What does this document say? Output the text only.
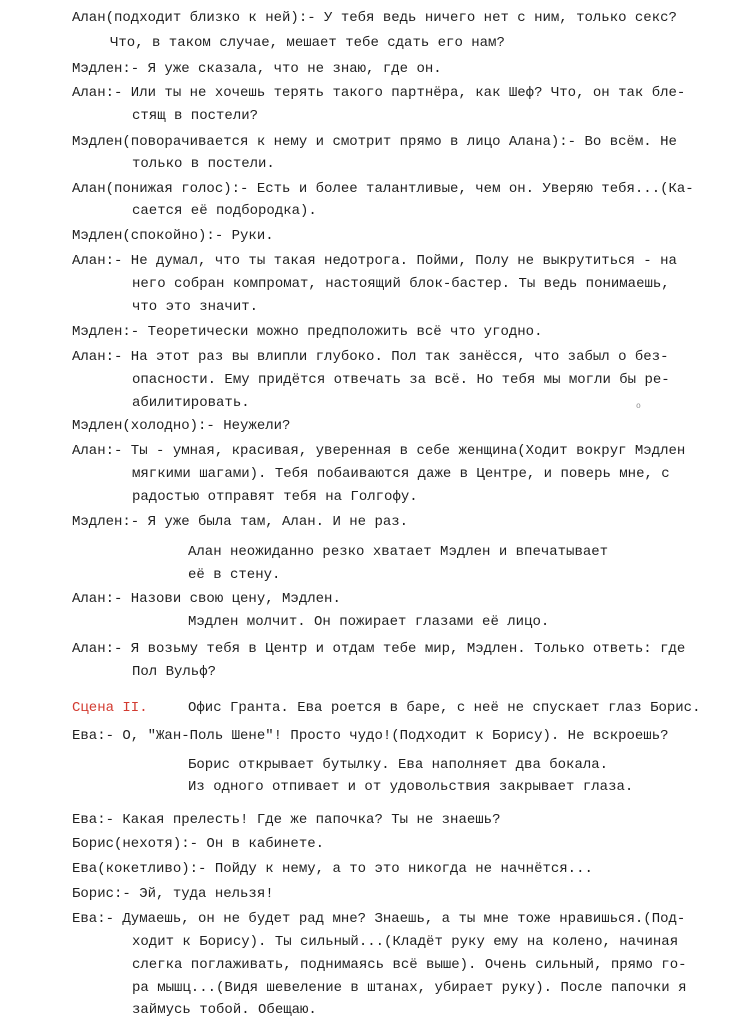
Алан(подходит близко к ней):- У тебя ведь ничего нет с ним, только секс?
Что, в таком случае, мешает тебе сдать его нам?
Мэдлен:- Я уже сказала, что не знаю, где он.
Алан:- Или ты не хочешь терять такого партнёра, как Шеф? Что, он так бле-
стящ в постели?
Мэдлен(поворачивается к нему и смотрит прямо в лицо Алана):- Во всём. Не
только в постели.
Алан(понижая голос):- Есть и более талантливые, чем он. Уверяю тебя...(Ка-
сается её подбородка).
Мэдлен(спокойно):- Руки.
Алан:- Не думал, что ты такая недотрога. Пойми, Полу не выкрутиться - на
него собран компромат, настоящий блок-бастер. Ты ведь понимаешь,
что это значит.
Мэдлен:- Теоретически можно предположить всё что угодно.
Алан:- На этот раз вы влипли глубоко. Пол так занёсся, что забыл о без-
опасности. Ему придётся отвечать за всё. Но тебя мы могли бы ре-
абилитировать.
Мэдлен(холодно):- Неужели?
Алан:- Ты - умная, красивая, уверенная в себе женщина(Ходит вокруг Мэдлен
мягкими шагами). Тебя побаиваются даже в Центре, и поверь мне, с
радостью отправят тебя на Голгофу.
Мэдлен:- Я уже была там, Алан. И не раз.
Алан неожиданно резко хватает Мэдлен и впечатывает
её в стену.
Алан:- Назови свою цену, Мэдлен.
Мэдлен молчит. Он пожирает глазами её лицо.
Алан:- Я возьму тебя в Центр и отдам тебе мир, Мэдлен. Только ответь: где
Пол Вульф?
Сцена II.	Офис Гранта. Ева роется в баре, с неё не спускает глаз Борис.
Ева:- О, "Жан-Поль Шене"! Просто чудо!(Подходит к Борису). Не вскроешь?
Борис открывает бутылку. Ева наполняет два бокала.
Из одного отпивает и от удовольствия закрывает глаза.
Ева:- Какая прелесть! Где же папочка? Ты не знаешь?
Борис(нехотя):- Он в кабинете.
Ева(кокетливо):- Пойду к нему, а то это никогда не начнётся...
Борис:- Эй, туда нельзя!
Ева:- Думаешь, он не будет рад мне? Знаешь, а ты мне тоже нравишься.(Под-
ходит к Борису). Ты сильный...(Кладёт руку ему на колено, начиная
слегка поглаживать, поднимаясь всё выше). Очень сильный, прямо го-
ра мышц...(Видя шевеление в штанах, убирает руку). После папочки я
займусь тобой. Обещаю.
o
